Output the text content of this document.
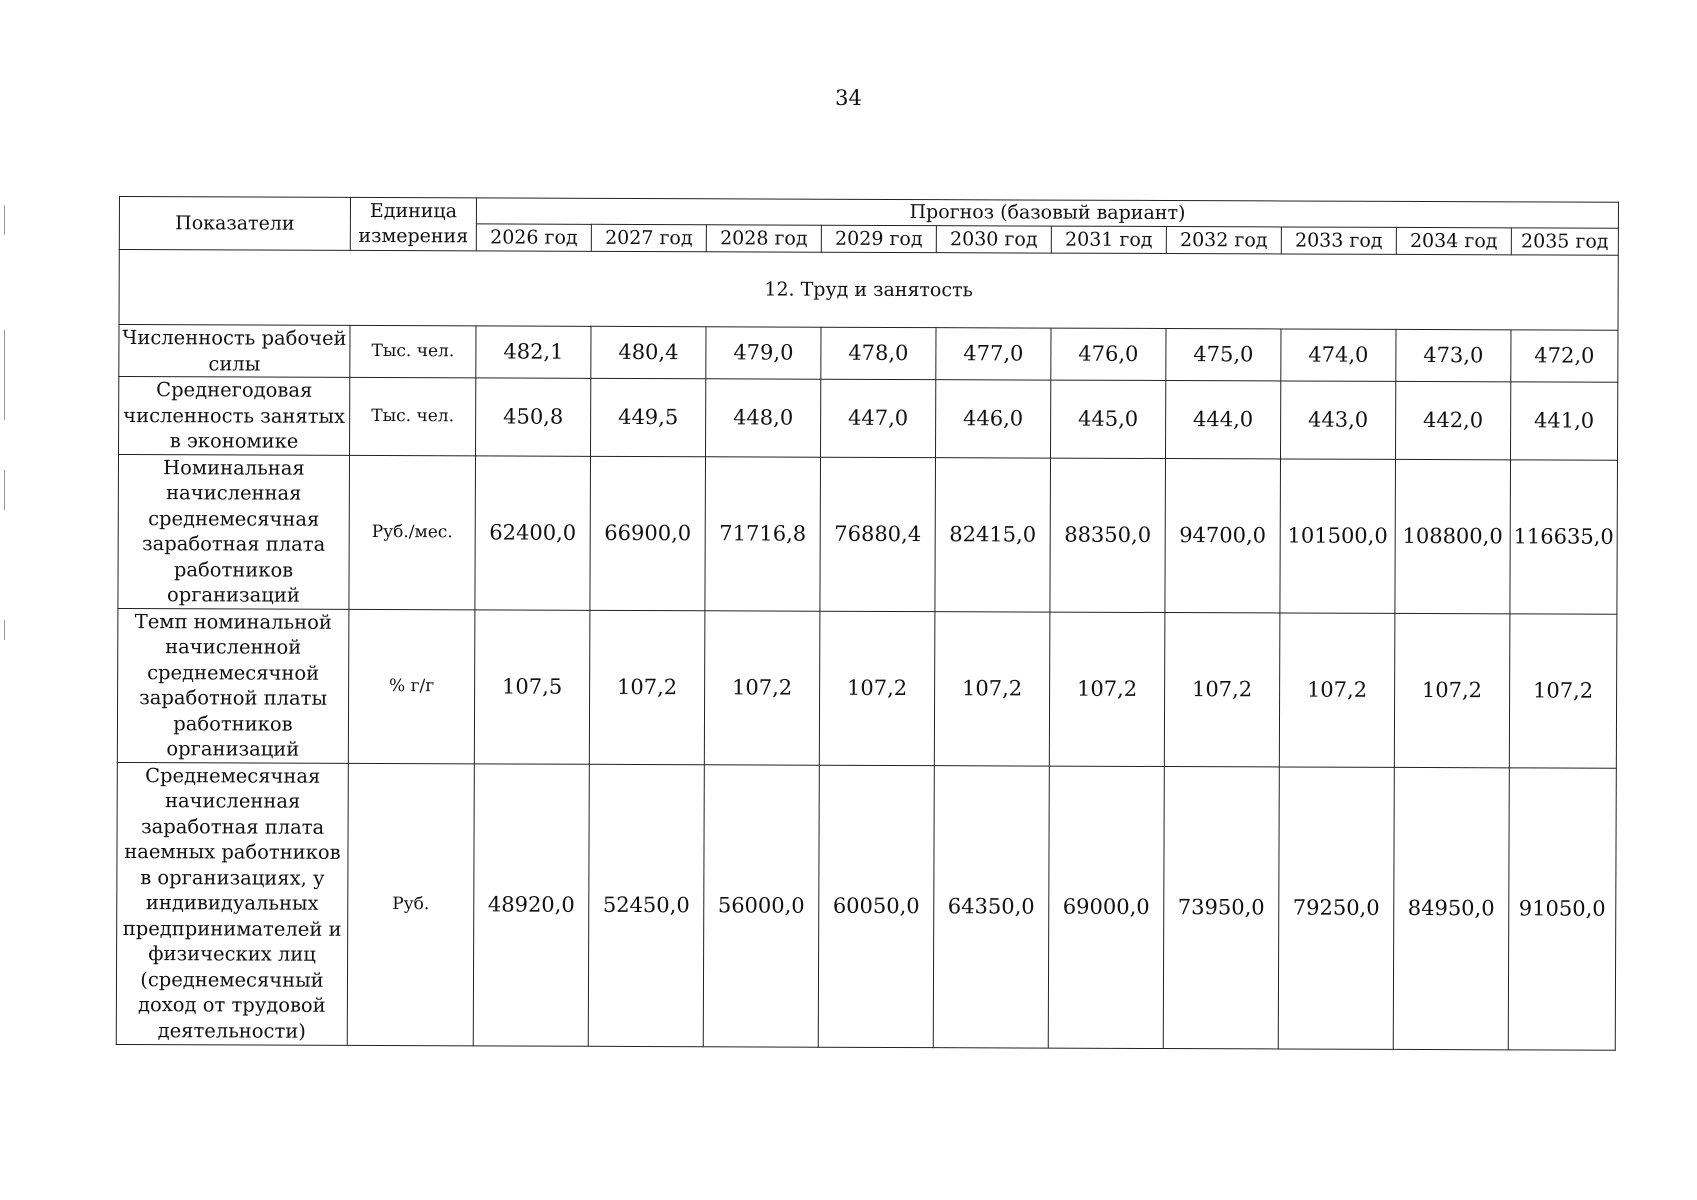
34
Показатели	Единица измерения	Прогноз (базовый вариант)									
		2026 год	2027 год	2028 год	2029 год	2030 год	2031 год	2032 год	2033 год	2034 год	2035 год
12. Труд и занятость											
Численность рабочей силы	Тыс. чел.	482,1	480,4	479,0	478,0	477,0	476,0	475,0	474,0	473,0	472,0
Среднегодовая численность занятых в экономике	Тыс. чел.	450,8	449,5	448,0	447,0	446,0	445,0	444,0	443,0	442,0	441,0
Номинальная начисленная среднемесячная заработная плата работников организаций	Руб./мес.	62400,0	66900,0	71716,8	76880,4	82415,0	88350,0	94700,0	101500,0	108800,0	116635,0
Темп номинальной начисленной среднемесячной заработной платы работников организаций	% г/г	107,5	107,2	107,2	107,2	107,2	107,2	107,2	107,2	107,2	107,2
Среднемесячная начисленная заработная плата наемных работников в организациях, у индивидуальных предпринимателей и физических лиц (среднемесячный доход от трудовой деятельности)	Руб.	48920,0	52450,0	56000,0	60050,0	64350,0	69000,0	73950,0	79250,0	84950,0	91050,0
